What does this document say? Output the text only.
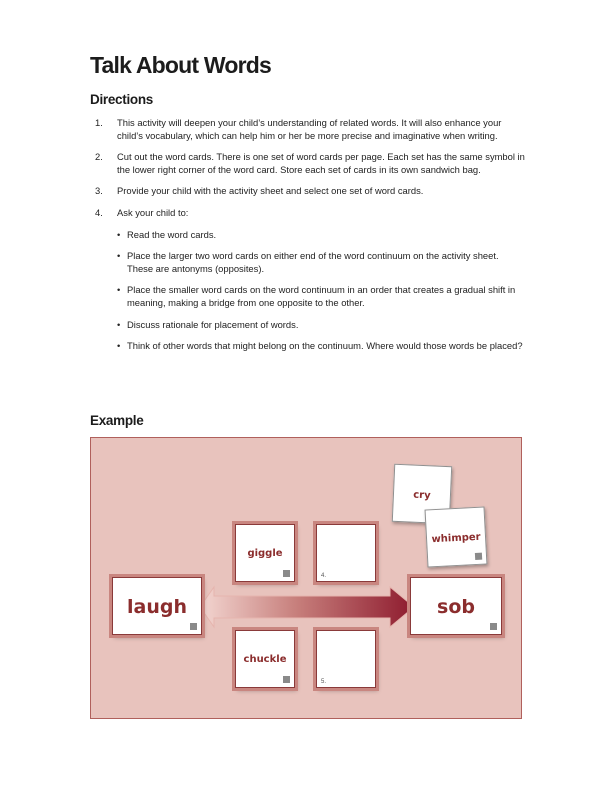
Talk About Words
Directions
1. This activity will deepen your child’s understanding of related words. It will also enhance your child’s vocabulary, which can help him or her be more precise and imaginative when writing.
2. Cut out the word cards. There is one set of word cards per page. Each set has the same symbol in the lower right corner of the word card. Store each set of cards in its own sandwich bag.
3. Provide your child with the activity sheet and select one set of word cards.
4. Ask your child to:
• Read the word cards.
• Place the larger two word cards on either end of the word continuum on the activity sheet. These are antonyms (opposites).
• Place the smaller word cards on the word continuum in an order that creates a gradual shift in meaning, making a bridge from one opposite to the other.
• Discuss rationale for placement of words.
• Think of other words that might belong on the continuum. Where would those words be placed?
Example
laugh	sob
giggle
4.
chuckle
5.
cry
whimper
